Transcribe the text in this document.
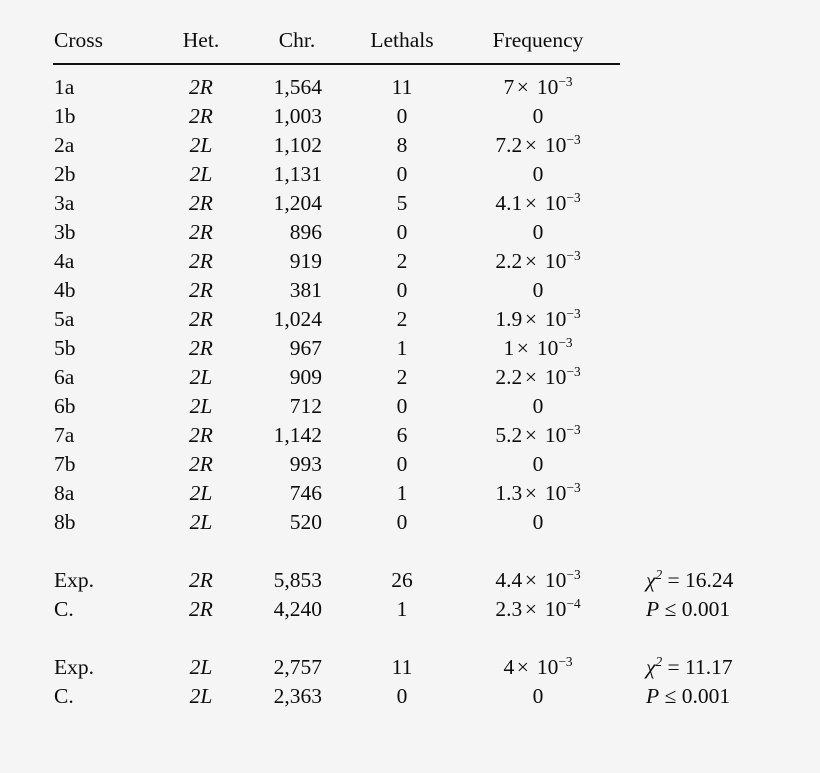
Cross	Het.	Chr.	Lethals	Frequency	
1a	2R	1,564	11	$7 \times 10^{-3}$	
1b	2R	1,003	0	0	
2a	2L	1,102	8	$7.2 \times 10^{-3}$	
2b	2L	1,131	0	0	
3a	2R	1,204	5	$4.1 \times 10^{-3}$	
3b	2R	896	0	0	
4a	2R	919	2	$2.2 \times 10^{-3}$	
4b	2R	381	0	0	
5a	2R	1,024	2	$1.9 \times 10^{-3}$	
5b	2R	967	1	$1 \times 10^{-3}$	
6a	2L	909	2	$2.2 \times 10^{-3}$	
6b	2L	712	0	0	
7a	2R	1,142	6	$5.2 \times 10^{-3}$	
7b	2R	993	0	0	
8a	2L	746	1	$1.3 \times 10^{-3}$	
8b	2L	520	0	0	

Exp.	2R	5,853	26	$4.4 \times 10^{-3}$	$\chi^2 = 16.24$
C.	2R	4,240	1	$2.3 \times 10^{-4}$	P ≤ 0.001

Exp.	2L	2,757	11	$4 \times 10^{-3}$	$\chi^2 = 11.17$
C.	2L	2,363	0	0	P ≤ 0.001
